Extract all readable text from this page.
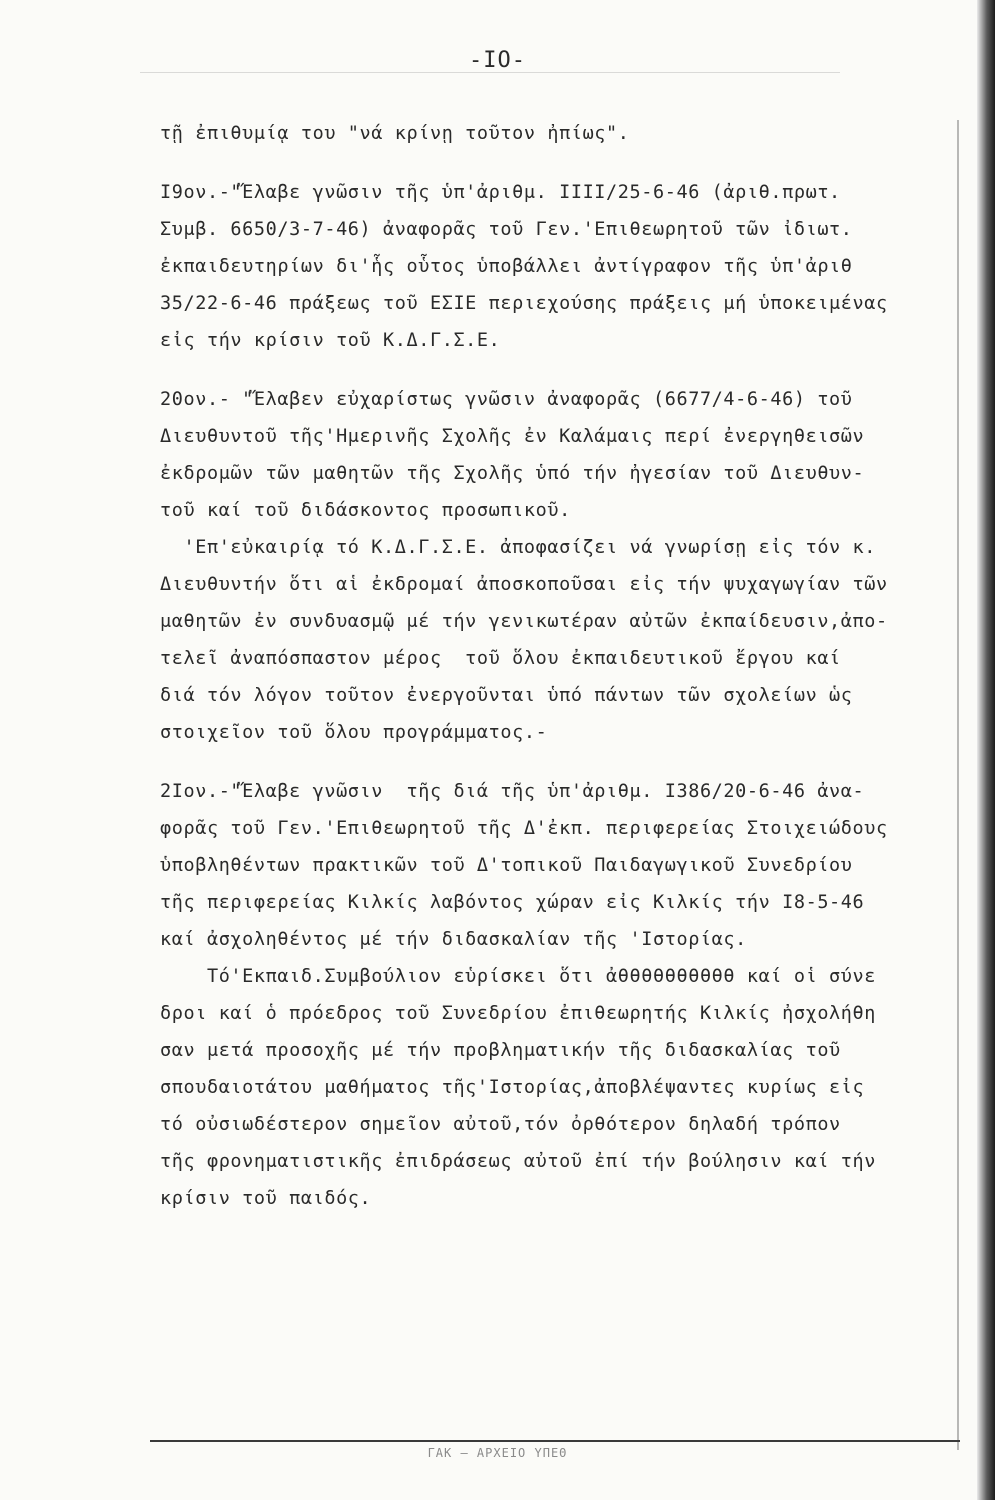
-IO-
τῇ ἐπιθυμίᾳ του "νά κρίνῃ τοῦτον ἠπίως".
I9ον.-"Ἔλαβε γνῶσιν τῆς ὑπ'ἀριθμ. IIII/25-6-46 (ἀριθ.πρωτ.
Συμβ. 6650/3-7-46) ἀναφορᾶς τοῦ Γεν.'Επιθεωρητοῦ τῶν ἰδιωτ.
ἐκπαιδευτηρίων δι'ἧς οὗτος ὑποβάλλει ἀντίγραφον τῆς ὑπ'ἀριθ
35/22-6-46 πράξεως τοῦ ΕΣΙΕ περιεχούσης πράξεις μή ὑποκειμένας
εἰς τήν κρίσιν τοῦ Κ.Δ.Γ.Σ.Ε.
20ον.- "Ἔλαβεν εὐχαρίστως γνῶσιν ἀναφορᾶς (6677/4-6-46) τοῦ
Διευθυντοῦ τῆς'Ημερινῆς Σχολῆς ἐν Καλάμαις περί ἐνεργηθεισῶν
ἐκδρομῶν τῶν μαθητῶν τῆς Σχολῆς ὑπό τήν ἠγεσίαν τοῦ Διευθυν-
τοῦ καί τοῦ διδάσκοντος προσωπικοῦ.
'Επ'εὐκαιρίᾳ τό Κ.Δ.Γ.Σ.Ε. ἀποφασίζει νά γνωρίσῃ εἰς τόν κ.
Διευθυντήν ὅτι αἱ ἐκδρομαί ἀποσκοποῦσαι εἰς τήν ψυχαγωγίαν τῶν
μαθητῶν ἐν συνδυασμῷ μέ τήν γενικωτέραν αὐτῶν ἐκπαίδευσιν,ἀπο-
τελεῖ ἀναπόσπαστον μέρος  τοῦ ὅλου ἐκπαιδευτικοῦ ἔργου καί
διά τόν λόγον τοῦτον ἐνεργοῦνται ὑπό πάντων τῶν σχολείων ὡς
στοιχεῖον τοῦ ὅλου προγράμματος.-
2Iον.-"Ἔλαβε γνῶσιν  τῆς διά τῆς ὑπ'ἀριθμ. I386/20-6-46 ἀνα-
φορᾶς τοῦ Γεν.'Επιθεωρητοῦ τῆς Δ'ἐκπ. περιφερείας Στοιχειώδους
ὑποβληθέντων πρακτικῶν τοῦ Δ'τοπικοῦ Παιδαγωγικοῦ Συνεδρίου
τῆς περιφερείας Κιλκίς λαβόντος χώραν εἰς Κιλκίς τήν I8-5-46
καί ἀσχοληθέντος μέ τήν διδασκαλίαν τῆς 'Ιστορίας.
Τό'Εκπαιδ.Συμβούλιον εὑρίσκει ὅτι ἀθθθθθθθθθθ καί οἱ σύνε
δροι καί ὁ πρόεδρος τοῦ Συνεδρίου ἐπιθεωρητής Κιλκίς ἠσχολήθη
σαν μετά προσοχῆς μέ τήν προβληματικήν τῆς διδασκαλίας τοῦ
σπουδαιοτάτου μαθήματος τῆς'Ιστορίας,ἀποβλέψαντες κυρίως εἰς
τό οὐσιωδέστερον σημεῖον αὐτοῦ,τόν ὀρθότερον δηλαδή τρόπον
τῆς φρονηματιστικῆς ἐπιδράσεως αὐτοῦ ἐπί τήν βούλησιν καί τήν
κρίσιν τοῦ παιδός.
ΓΑΚ – ΑΡΧΕΙΟ ΥΠΕΘ
